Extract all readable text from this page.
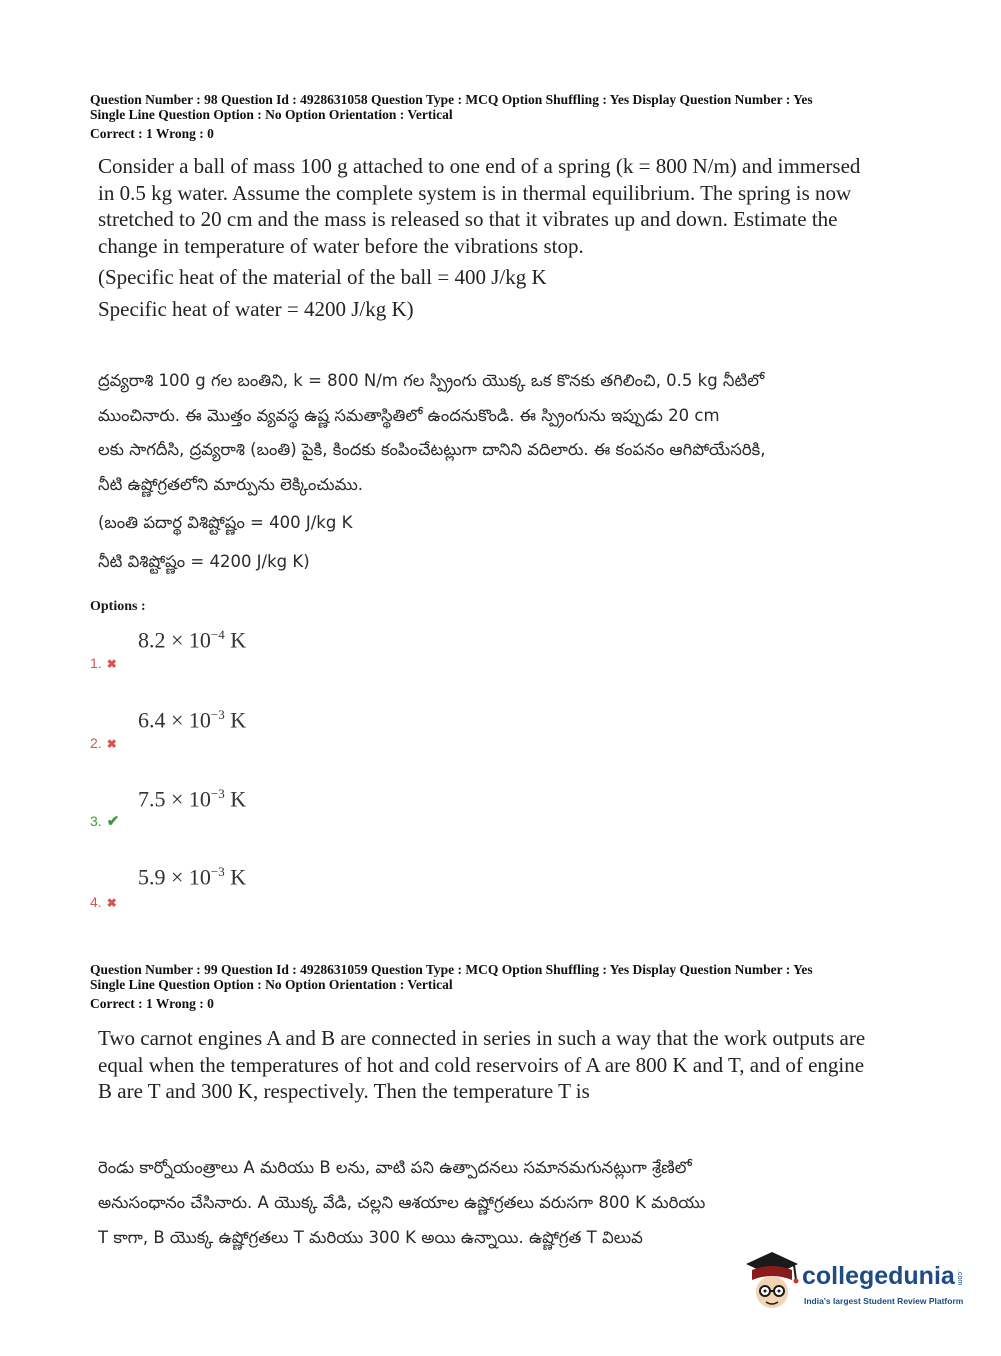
Question Number : 98 Question Id : 4928631058 Question Type : MCQ Option Shuffling : Yes Display Question Number : Yes
Single Line Question Option : No Option Orientation : Vertical
Correct : 1 Wrong : 0
Consider a ball of mass 100 g attached to one end of a spring (k = 800 N/m) and immersed
in 0.5 kg water. Assume the complete system is in thermal equilibrium. The spring is now
stretched to 20 cm and the mass is released so that it vibrates up and down. Estimate the
change in temperature of water before the vibrations stop.
(Specific heat of the material of the ball = 400 J/kg K
Specific heat of water = 4200 J/kg K)
ద్రవ్యరాశి 100 g గల బంతిని, k = 800 N/m గల స్ప్రింగు యొక్క ఒక కొనకు తగిలించి, 0.5 kg నీటిలో
ముంచినారు. ఈ మొత్తం వ్యవస్థ ఉష్ణ సమతాస్థితిలో ఉందనుకొండి. ఈ స్ప్రింగును ఇప్పుడు 20 cm
లకు సాగదీసి, ద్రవ్యరాశి (బంతి) పైకి, కిందకు కంపించేటట్లుగా దానిని వదిలారు. ఈ కంపనం ఆగిపోయేసరికి,
నీటి ఉష్ణోగ్రతలోని మార్పును లెక్కించుము.
(బంతి పదార్థ విశిష్టోష్ణం = 400 J/kg K
నీటి విశిష్టోష్ణం = 4200 J/kg K)
Options :
$8.2 \times 10^{-4}$ K
1. ✖
$6.4 \times 10^{-3}$ K
2. ✖
$7.5 \times 10^{-3}$ K
3. ✔
$5.9 \times 10^{-3}$ K
4. ✖
Question Number : 99 Question Id : 4928631059 Question Type : MCQ Option Shuffling : Yes Display Question Number : Yes
Single Line Question Option : No Option Orientation : Vertical
Correct : 1 Wrong : 0
Two carnot engines A and B are connected in series in such a way that the work outputs are
equal when the temperatures of hot and cold reservoirs of A are 800 K and T, and of engine
B are T and 300 K, respectively. Then the temperature T is
రెండు కార్నోయంత్రాలు A మరియు B లను, వాటి పని ఉత్పాదనలు సమానమగునట్లుగా శ్రేణిలో
అనుసంధానం చేసినారు. A యొక్క వేడి, చల్లని ఆశయాల ఉష్ణోగ్రతలు వరుసగా 800 K మరియు
T కాగా, B యొక్క ఉష్ణోగ్రతలు T మరియు 300 K అయి ఉన్నాయి. ఉష్ణోగ్రత T విలువ
collegedunia .com
India's largest Student Review Platform
